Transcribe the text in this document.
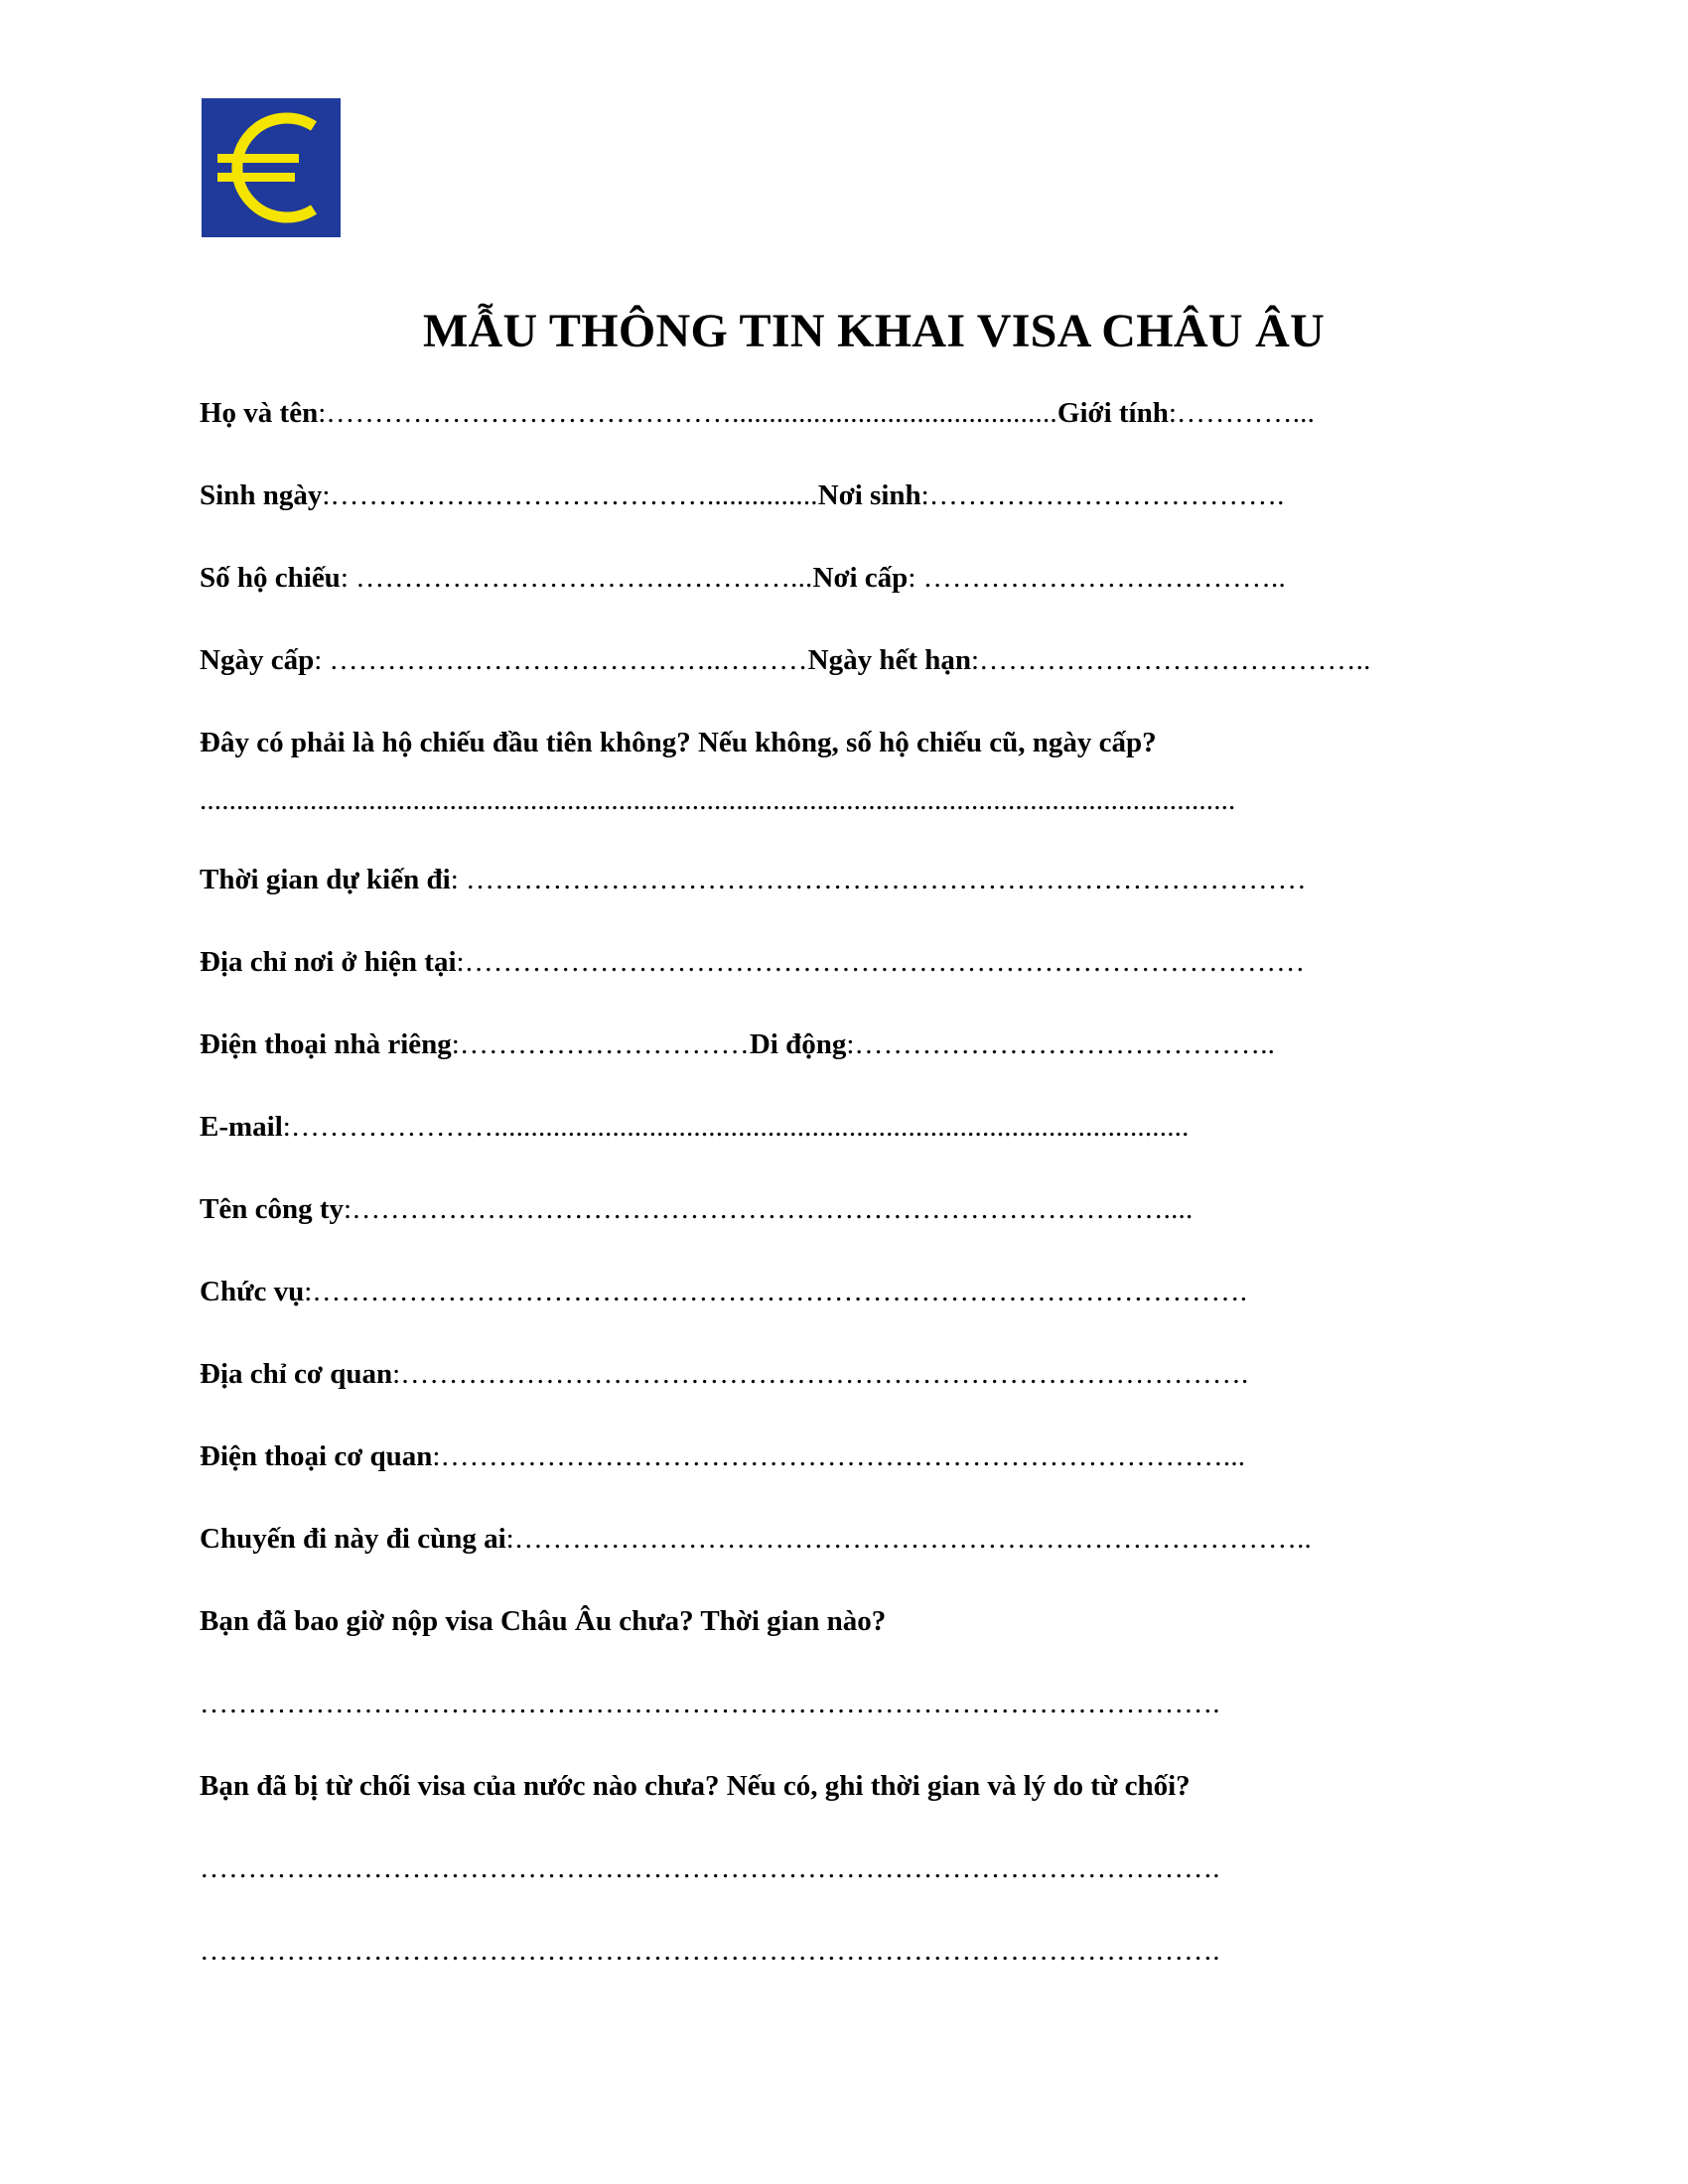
MẪU THÔNG TIN KHAI VISA CHÂU ÂU
Họ và tên:……………………………………............................................Giới tính:…………...
Sinh ngày:…………………………………...............Nơi sinh:……………………………….
Số hộ chiếu: ………………………………………...Nơi cấp: ………………………………..
Ngày cấp: …………………………………..………Ngày hết hạn:…………………………………..
Đây có phải là hộ chiếu đầu tiên không? Nếu không, số hộ chiếu cũ, ngày cấp?
.............................................................................................................................................
Thời gian dự kiến đi: ……………………………………………………………………………
Địa chỉ nơi ở hiện tại:……………………………………………………………………………
Điện thoại nhà riêng:…………………………Di động:……………………………………..
E-mail:…………………..............................................................................................
Tên công ty:…………………………………………………………………………....
Chức vụ:…………………………………………………………………………………….
Địa chỉ cơ quan:…………………………………………………………………………….
Điện thoại cơ quan:………………………………………………………………………...
Chuyến đi này đi cùng ai:………………………………………………………………………..
Bạn đã bao giờ nộp visa Châu Âu chưa? Thời gian nào?
…………………………………………………………………………………………….
Bạn đã bị từ chối visa của nước nào chưa? Nếu có, ghi thời gian và lý do từ chối?
…………………………………………………………………………………………….
…………………………………………………………………………………………….
